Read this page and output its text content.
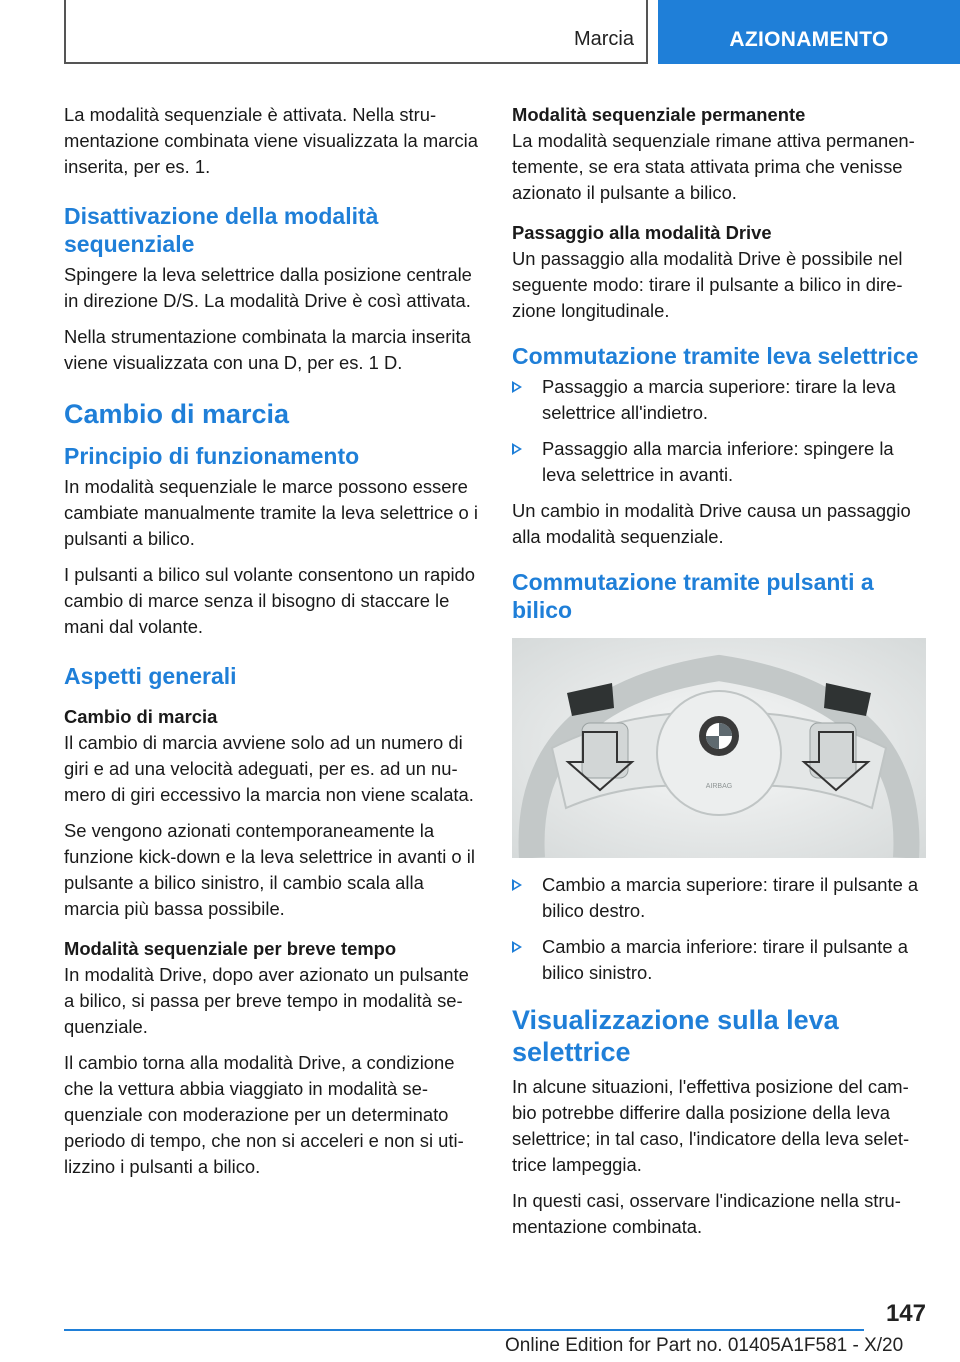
Marcia	AZIONAMENTO

La modalità sequenziale è attivata. Nella strumentazione combinata viene visualizzata la marcia inserita, per es. 1.

Disattivazione della modalità sequenziale

Spingere la leva selettrice dalla posizione centrale in direzione D/S. La modalità Drive è così attivata.

Nella strumentazione combinata la marcia inserita viene visualizzata con una D, per es. 1 D.

Cambio di marcia
Principio di funzionamento

In modalità sequenziale le marce possono essere cambiate manualmente tramite la leva selettrice o i pulsanti a bilico.

I pulsanti a bilico sul volante consentono un rapido cambio di marce senza il bisogno di staccare le mani dal volante.

Aspetti generali
Cambio di marcia

Il cambio di marcia avviene solo ad un numero di giri e ad una velocità adeguati, per es. ad un numero di giri eccessivo la marcia non viene scalata.

Se vengono azionati contemporaneamente la funzione kick-down e la leva selettrice in avanti o il pulsante a bilico sinistro, il cambio scala alla marcia più bassa possibile.

Modalità sequenziale per breve tempo

In modalità Drive, dopo aver azionato un pulsante a bilico, si passa per breve tempo in modalità sequenziale.

Il cambio torna alla modalità Drive, a condizione che la vettura abbia viaggiato in modalità sequenziale con moderazione per un determinato periodo di tempo, che non si acceleri e non si utilizzino i pulsanti a bilico.

Modalità sequenziale permanente

La modalità sequenziale rimane attiva permanentemente, se era stata attivata prima che venisse azionato il pulsante a bilico.

Passaggio alla modalità Drive

Un passaggio alla modalità Drive è possibile nel seguente modo: tirare il pulsante a bilico in direzione longitudinale.

Commutazione tramite leva selettrice
Passaggio a marcia superiore: tirare la leva selettrice all'indietro.
Passaggio alla marcia inferiore: spingere la leva selettrice in avanti.

Un cambio in modalità Drive causa un passaggio alla modalità sequenziale.

Commutazione tramite pulsanti a bilico
AIRBAG
Cambio a marcia superiore: tirare il pulsante a bilico destro.
Cambio a marcia inferiore: tirare il pulsante a bilico sinistro.
Visualizzazione sulla leva selettrice

In alcune situazioni, l'effettiva posizione del cambio potrebbe differire dalla posizione della leva selettrice; in tal caso, l'indicatore della leva selettrice lampeggia.

In questi casi, osservare l'indicazione nella strumentazione combinata.

147
Online Edition for Part no. 01405A1F581 - X/20
